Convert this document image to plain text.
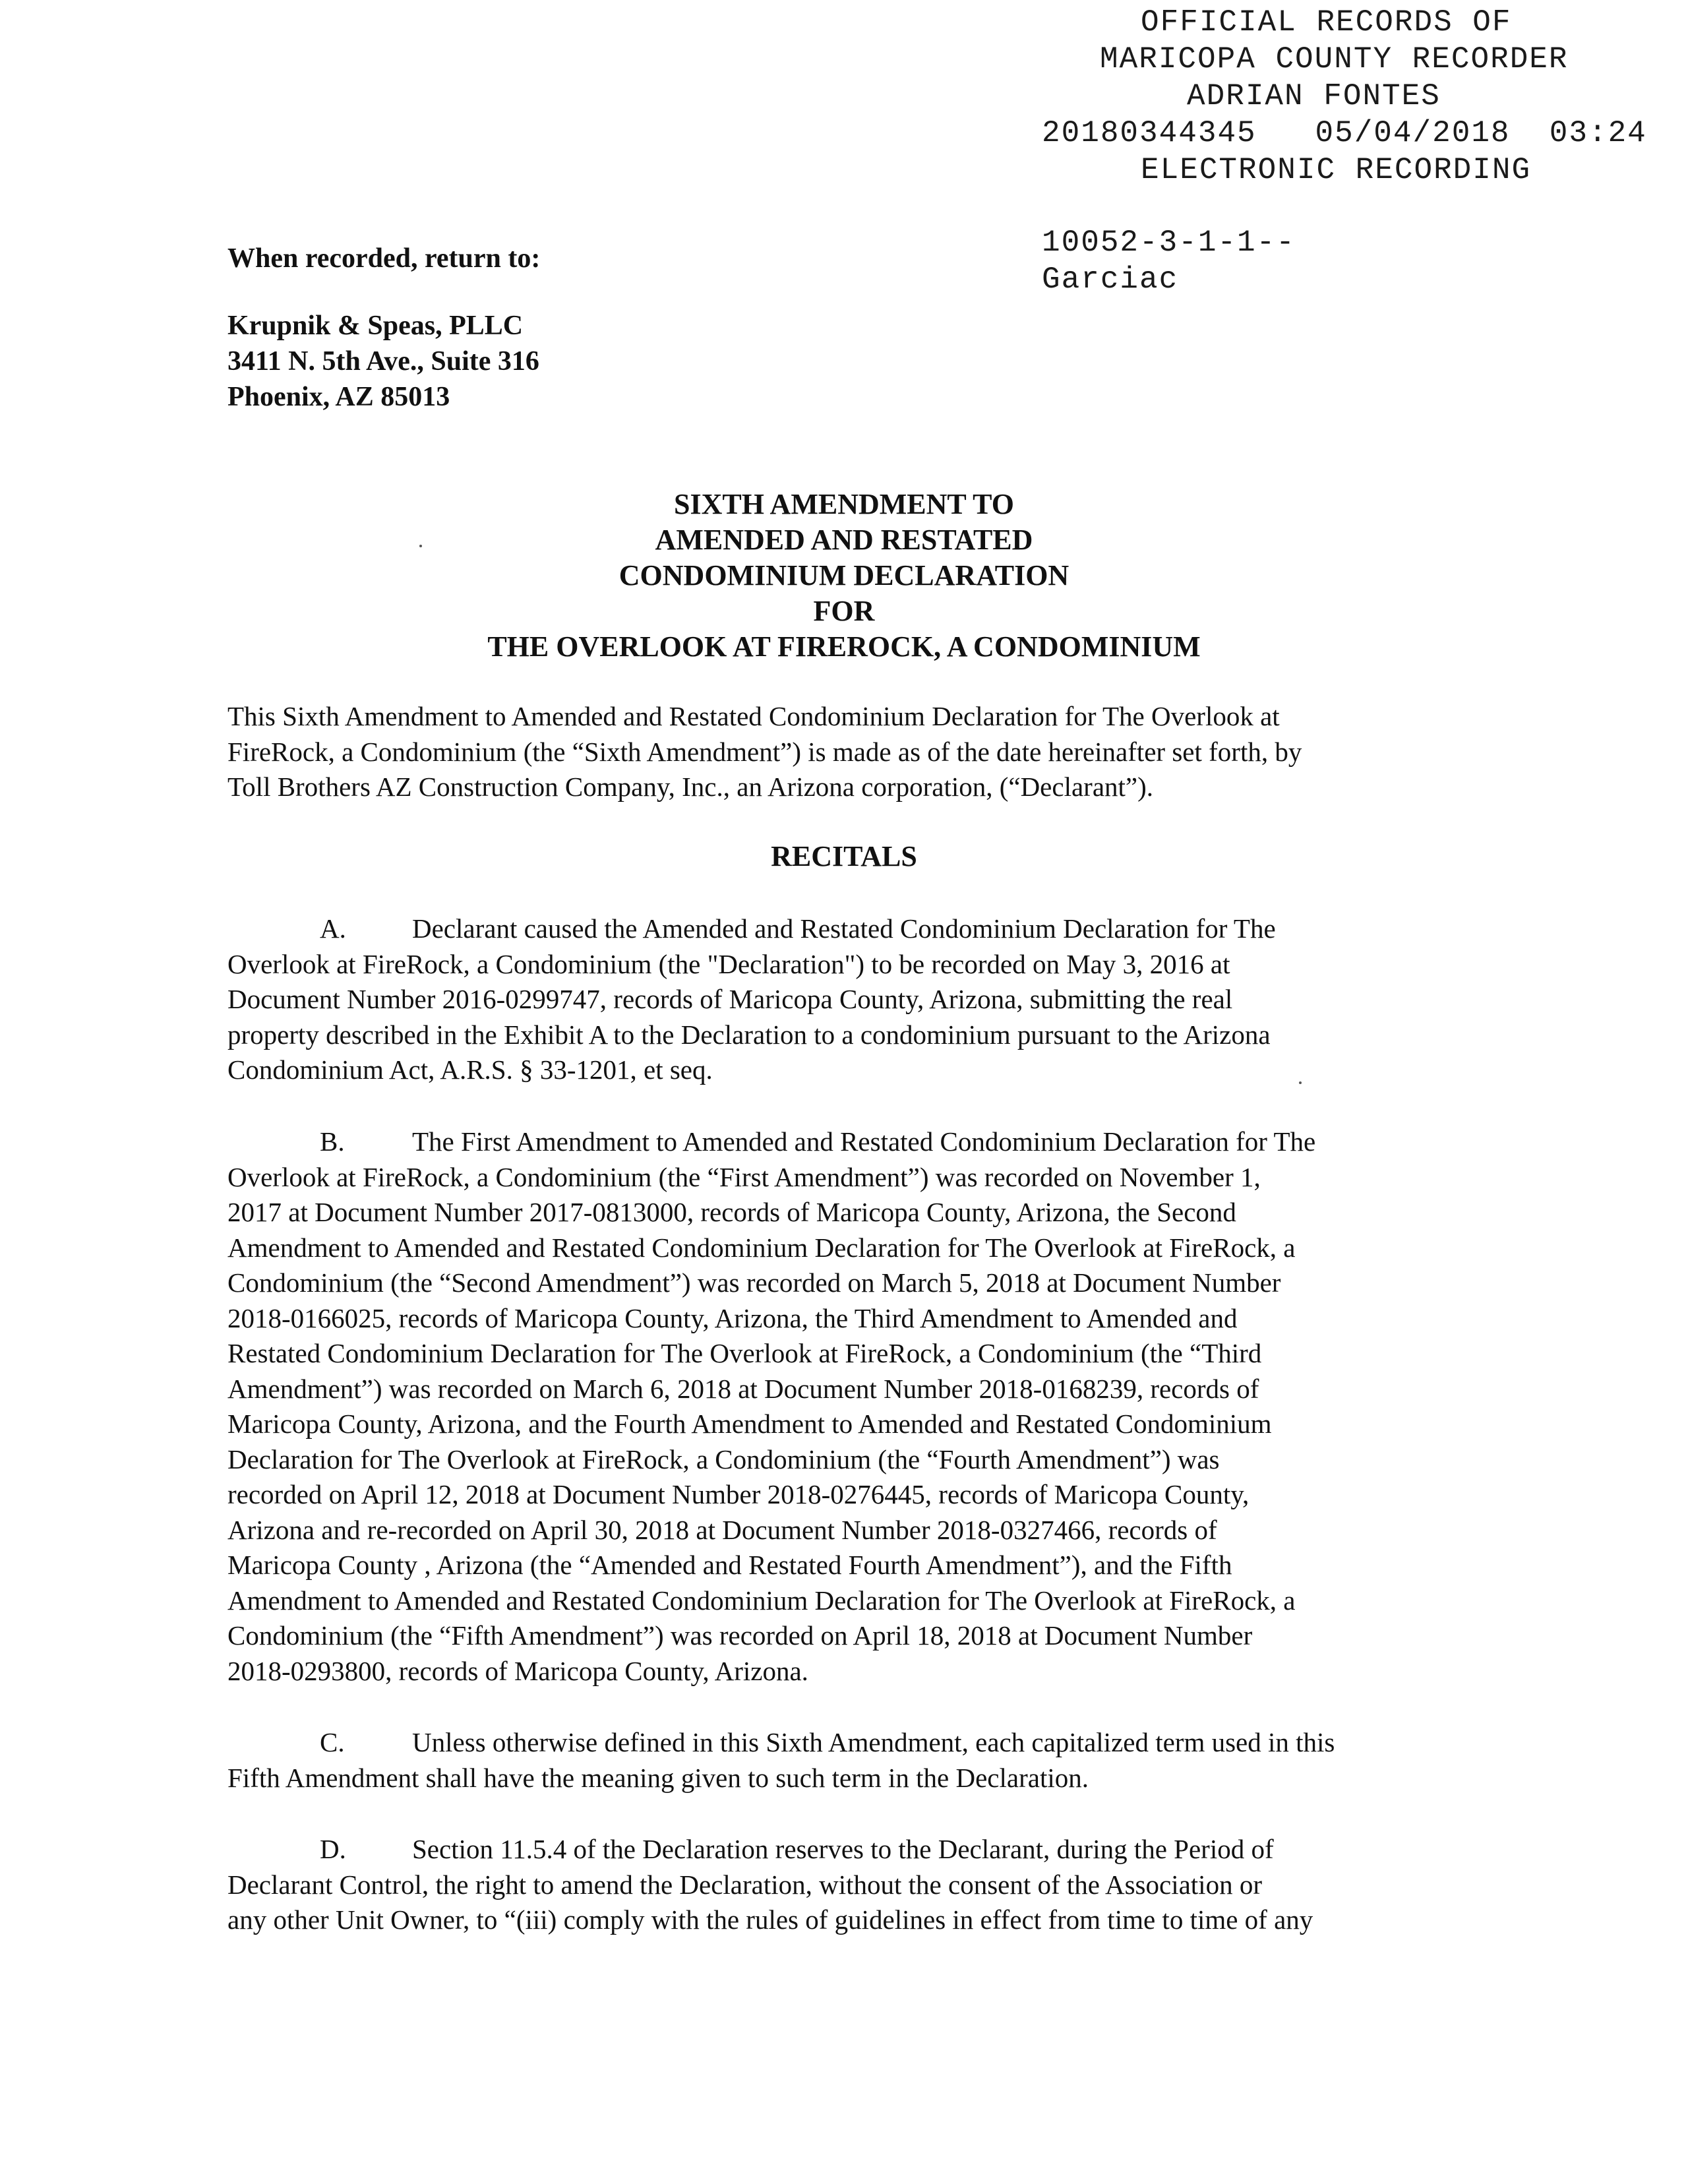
OFFICIAL RECORDS OF
MARICOPA COUNTY RECORDER
ADRIAN FONTES
20180344345 05/04/2018 03:24
ELECTRONIC RECORDING
10052-3-1-1--
Garciac
When recorded, return to:
Krupnik & Speas, PLLC
3411 N. 5th Ave., Suite 316
Phoenix, AZ 85013
SIXTH AMENDMENT TO
AMENDED AND RESTATED
CONDOMINIUM DECLARATION
FOR
THE OVERLOOK AT FIREROCK, A CONDOMINIUM
This Sixth Amendment to Amended and Restated Condominium Declaration for The Overlook at
FireRock, a Condominium (the “Sixth Amendment”) is made as of the date hereinafter set forth, by
Toll Brothers AZ Construction Company, Inc., an Arizona corporation, (“Declarant”).
RECITALS
A. Declarant caused the Amended and Restated Condominium Declaration for The
Overlook at FireRock, a Condominium (the "Declaration") to be recorded on May 3, 2016 at
Document Number 2016-0299747, records of Maricopa County, Arizona, submitting the real
property described in the Exhibit A to the Declaration to a condominium pursuant to the Arizona
Condominium Act, A.R.S. § 33-1201, et seq.
B. The First Amendment to Amended and Restated Condominium Declaration for The
Overlook at FireRock, a Condominium (the “First Amendment”) was recorded on November 1,
2017 at Document Number 2017-0813000, records of Maricopa County, Arizona, the Second
Amendment to Amended and Restated Condominium Declaration for The Overlook at FireRock, a
Condominium (the “Second Amendment”) was recorded on March 5, 2018 at Document Number
2018-0166025, records of Maricopa County, Arizona, the Third Amendment to Amended and
Restated Condominium Declaration for The Overlook at FireRock, a Condominium (the “Third
Amendment”) was recorded on March 6, 2018 at Document Number 2018-0168239, records of
Maricopa County, Arizona, and the Fourth Amendment to Amended and Restated Condominium
Declaration for The Overlook at FireRock, a Condominium (the “Fourth Amendment”) was
recorded on April 12, 2018 at Document Number 2018-0276445, records of Maricopa County,
Arizona and re-recorded on April 30, 2018 at Document Number 2018-0327466, records of
Maricopa County , Arizona (the “Amended and Restated Fourth Amendment”), and the Fifth
Amendment to Amended and Restated Condominium Declaration for The Overlook at FireRock, a
Condominium (the “Fifth Amendment”) was recorded on April 18, 2018 at Document Number
2018-0293800, records of Maricopa County, Arizona.
C. Unless otherwise defined in this Sixth Amendment, each capitalized term used in this
Fifth Amendment shall have the meaning given to such term in the Declaration.
D. Section 11.5.4 of the Declaration reserves to the Declarant, during the Period of
Declarant Control, the right to amend the Declaration, without the consent of the Association or
any other Unit Owner, to “(iii) comply with the rules of guidelines in effect from time to time of any
